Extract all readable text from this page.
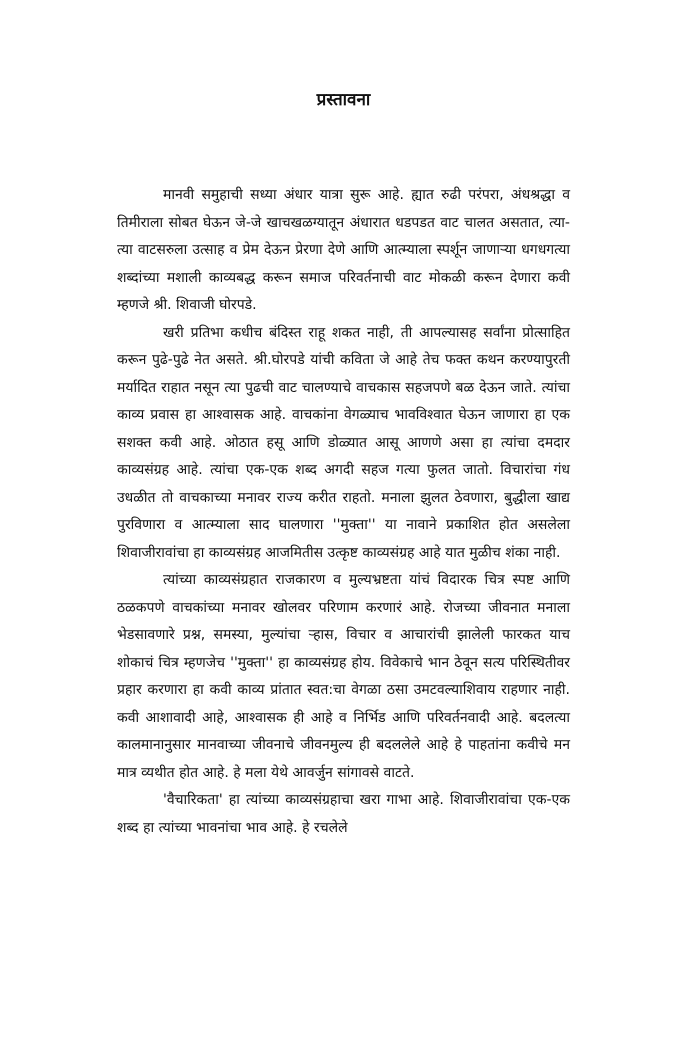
प्रस्तावना

मानवी समुहाची सध्या अंधार यात्रा सुरू आहे. ह्यात रुढी परंपरा, अंधश्रद्धा व तिमीराला सोबत घेऊन जे-जे खाचखळग्यातून अंधारात धडपडत वाट चालत असतात, त्या-त्या वाटसरुला उत्साह व प्रेम देऊन प्रेरणा देणे आणि आत्म्याला स्पर्शून जाणाऱ्या धगधगत्या शब्दांच्या मशाली काव्यबद्ध करून समाज परिवर्तनाची वाट मोकळी करून देणारा कवी म्हणजे श्री. शिवाजी घोरपडे.

खरी प्रतिभा कधीच बंदिस्त राहू शकत नाही, ती आपल्यासह सर्वांना प्रोत्साहित करून पुढे-पुढे नेत असते. श्री.घोरपडे यांची कविता जे आहे तेच फक्त कथन करण्यापुरती मर्यादित राहात नसून त्या पुढची वाट चालण्याचे वाचकास सहजपणे बळ देऊन जाते. त्यांचा काव्य प्रवास हा आश्वासक आहे. वाचकांना वेगळ्याच भावविश्वात घेऊन जाणारा हा एक सशक्त कवी आहे. ओठात हसू आणि डोळ्यात आसू आणणे असा हा त्यांचा दमदार काव्यसंग्रह आहे. त्यांचा एक-एक शब्द अगदी सहज गत्या फुलत जातो. विचारांचा गंध उधळीत तो वाचकाच्या मनावर राज्य करीत राहतो. मनाला झुलत ठेवणारा, बुद्धीला खाद्य पुरविणारा व आत्म्याला साद घालणारा ''मुक्ता'' या नावाने प्रकाशित होत असलेला शिवाजीरावांचा हा काव्यसंग्रह आजमितीस उत्कृष्ट काव्यसंग्रह आहे यात मुळीच शंका नाही.

त्यांच्या काव्यसंग्रहात राजकारण व मुल्यभ्रष्टता यांचं विदारक चित्र स्पष्ट आणि ठळकपणे वाचकांच्या मनावर खोलवर परिणाम करणारं आहे. रोजच्या जीवनात मनाला भेडसावणारे प्रश्न, समस्या, मुल्यांचा ऱ्हास, विचार व आचारांची झालेली फारकत याच शोकाचं चित्र म्हणजेच ''मुक्ता'' हा काव्यसंग्रह होय. विवेकाचे भान ठेवून सत्य परिस्थितीवर प्रहार करणारा हा कवी काव्य प्रांतात स्वत:चा वेगळा ठसा उमटवल्याशिवाय राहणार नाही. कवी आशावादी आहे, आश्वासक ही आहे व निर्भिड आणि परिवर्तनवादी आहे. बदलत्या कालमानानुसार मानवाच्या जीवनाचे जीवनमुल्य ही बदललेले आहे हे पाहतांना कवीचे मन मात्र व्यथीत होत आहे. हे मला येथे आवर्जुन सांगावसे वाटते.

'वैचारिकता' हा त्यांच्या काव्यसंग्रहाचा खरा गाभा आहे. शिवाजीरावांचा एक-एक शब्द हा त्यांच्या भावनांचा भाव आहे. हे रचलेले
